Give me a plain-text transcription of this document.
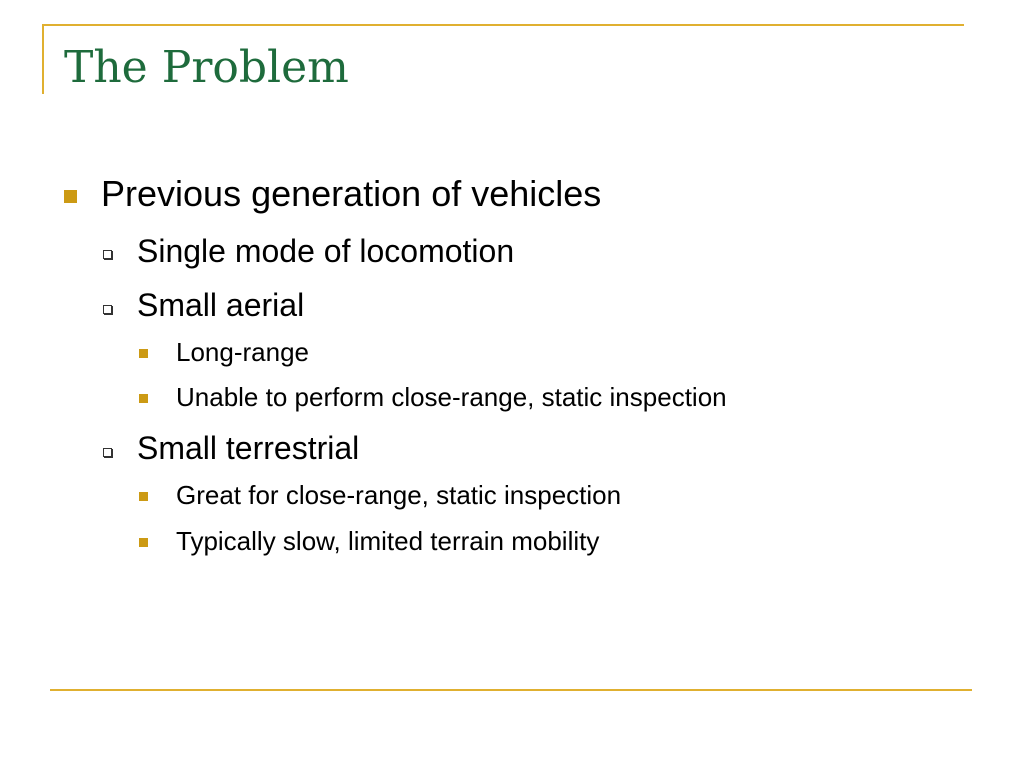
The Problem
Previous generation of vehicles
Single mode of locomotion
Small aerial
Long-range
Unable to perform close-range, static inspection
Small terrestrial
Great for close-range, static inspection
Typically slow, limited terrain mobility
